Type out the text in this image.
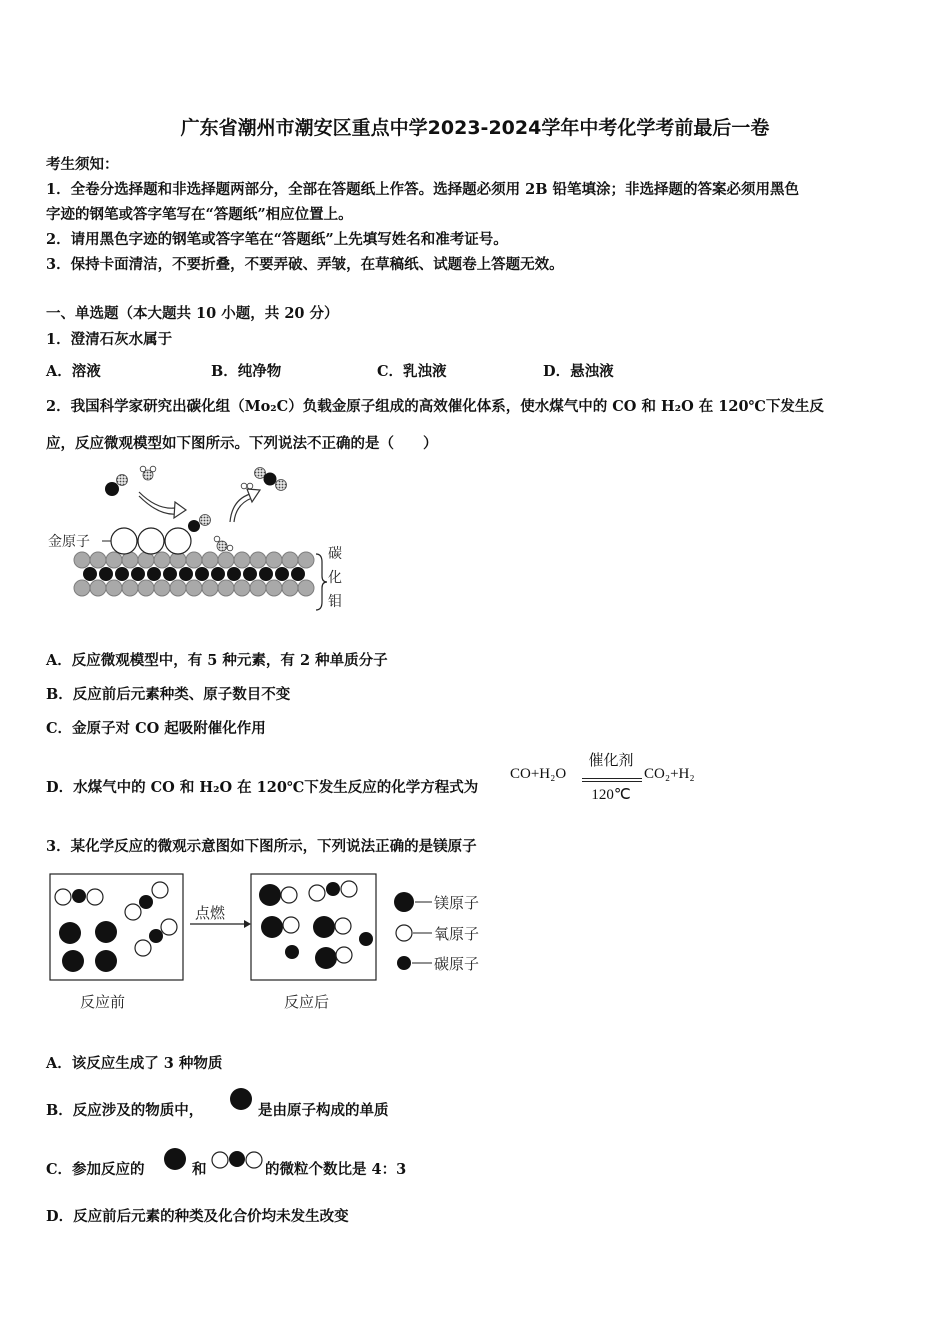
广东省潮州市潮安区重点中学2023-2024学年中考化学考前最后一卷
考生须知：
1．全卷分选择题和非选择题两部分，全部在答题纸上作答。选择题必须用 2B 铅笔填涂；非选择题的答案必须用黑色
字迹的钢笔或答字笔写在“答题纸”相应位置上。
2．请用黑色字迹的钢笔或答字笔在“答题纸”上先填写姓名和准考证号。
3．保持卡面清洁，不要折叠，不要弄破、弄皱，在草稿纸、试题卷上答题无效。
一、单选题（本大题共 10 小题，共 20 分）
1．澄清石灰水属于
A．溶液	B．纯净物	C．乳浊液	D．悬浊液
2．我国科学家研究出碳化组（Mo₂C）负载金原子组成的高效催化体系，使水煤气中的 CO 和 H₂O 在 120℃下发生反
应，反应微观模型如下图所示。下列说法不正确的是（　　）
金原子
碳
化
钼
A．反应微观模型中，有 5 种元素，有 2 种单质分子
B．反应前后元素种类、原子数目不变
C．金原子对 CO 起吸附催化作用
D．水煤气中的 CO 和 H₂O 在 120℃下发生反应的化学方程式为
CO+H₂O
催化剂
120℃
CO₂+H₂
3．某化学反应的微观示意图如下图所示，下列说法正确的是镁原子
点燃
反应前	反应后
镁原子
氧原子
碳原子
A．该反应生成了 3 种物质
B．反应涉及的物质中，	是由原子构成的单质
C．参加反应的	和	的微粒个数比是 4：3
D．反应前后元素的种类及化合价均未发生改变
